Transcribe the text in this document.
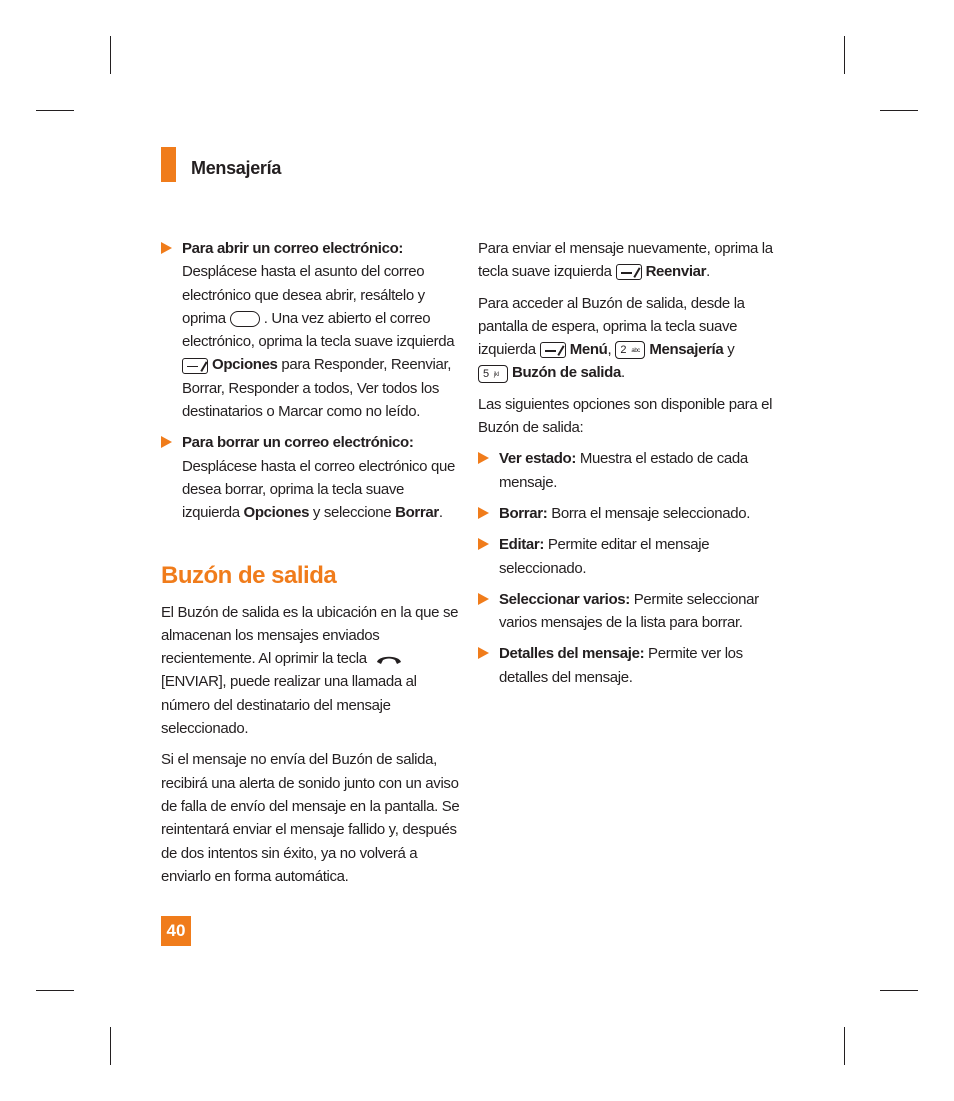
Mensajería
Para abrir un correo electrónico:
Desplácese hasta el asunto del correo electrónico que desea abrir, resáltelo y oprima	. Una vez abierto el correo electrónico, oprima la tecla suave izquierda Opciones para Responder, Reenviar, Borrar, Responder a todos, Ver todos los destinatarios o Marcar como no leído.
Para borrar un correo electrónico:
Desplácese hasta el correo electrónico que desea borrar, oprima la tecla suave izquierda Opciones y seleccione Borrar.
Buzón de salida
El Buzón de salida es la ubicación en la que se almacenan los mensajes enviados recientemente. Al oprimir la tecla [ENVIAR], puede realizar una llamada al número del destinatario del mensaje seleccionado.
Si el mensaje no envía del Buzón de salida, recibirá una alerta de sonido junto con un aviso de falla de envío del mensaje en la pantalla. Se reintentará enviar el mensaje fallido y, después de dos intentos sin éxito, ya no volverá a enviarlo en forma automática.
Para enviar el mensaje nuevamente, oprima la tecla suave izquierda Reenviar.
Para acceder al Buzón de salida, desde la pantalla de espera, oprima la tecla suave izquierda Menú, 2 abc Mensajería y
5 jkl Buzón de salida.
Las siguientes opciones son disponible para el Buzón de salida:
Ver estado: Muestra el estado de cada mensaje.
Borrar: Borra el mensaje seleccionado.
Editar: Permite editar el mensaje seleccionado.
Seleccionar varios: Permite seleccionar varios mensajes de la lista para borrar.
Detalles del mensaje: Permite ver los detalles del mensaje.
40
